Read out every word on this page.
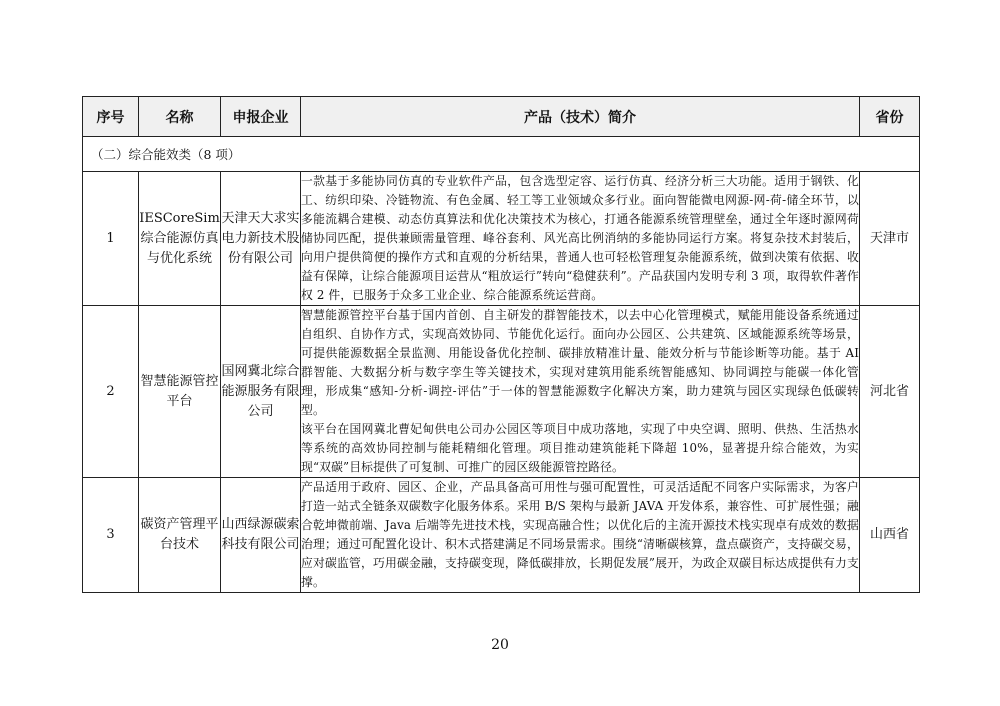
序号	名称	申报企业	产品（技术）简介	省份
（二）综合能效类（8 项）				
1	IESCoreSim 综合能源仿真与优化系统	天津天大求实电力新技术股份有限公司	一款基于多能协同仿真的专业软件产品，包含选型定容、运行仿真、经济分析三大功能。适用于钢铁、化工、纺织印染、冷链物流、有色金属、轻工等工业领域众多行业。面向智能微电网源-网-荷-储全环节，以多能流耦合建模、动态仿真算法和优化决策技术为核心，打通各能源系统管理壁垒，通过全年逐时源网荷储协同匹配，提供兼顾需量管理、峰谷套利、风光高比例消纳的多能协同运行方案。将复杂技术封装后，向用户提供简便的操作方式和直观的分析结果，普通人也可轻松管理复杂能源系统，做到决策有依据、收益有保障，让综合能源项目运营从“粗放运行”转向“稳健获利”。产品获国内发明专利 3 项，取得软件著作权 2 件，已服务于众多工业企业、综合能源系统运营商。	天津市
2	智慧能源管控平台	国网冀北综合能源服务有限公司	智慧能源管控平台基于国内首创、自主研发的群智能技术，以去中心化管理模式，赋能用能设备系统通过自组织、自协作方式，实现高效协同、节能优化运行。面向办公园区、公共建筑、区域能源系统等场景，可提供能源数据全景监测、用能设备优化控制、碳排放精准计量、能效分析与节能诊断等功能。基于 AI 群智能、大数据分析与数字孪生等关键技术，实现对建筑用能系统智能感知、协同调控与能碳一体化管理，形成集“感知-分析-调控-评估”于一体的智慧能源数字化解决方案，助力建筑与园区实现绿色低碳转型。

该平台在国网冀北曹妃甸供电公司办公园区等项目中成功落地，实现了中央空调、照明、供热、生活热水等系统的高效协同控制与能耗精细化管理。项目推动建筑能耗下降超 10%，显著提升综合能效，为实现“双碳”目标提供了可复制、可推广的园区级能源管控路径。	河北省
3	碳资产管理平台技术	山西绿源碳索科技有限公司	产品适用于政府、园区、企业，产品具备高可用性与强可配置性，可灵活适配不同客户实际需求，为客户打造一站式全链条双碳数字化服务体系。采用 B/S 架构与最新 JAVA 开发体系，兼容性、可扩展性强；融合乾坤微前端、Java 后端等先进技术栈，实现高融合性；以优化后的主流开源技术栈实现卓有成效的数据治理；通过可配置化设计、积木式搭建满足不同场景需求。围绕“清晰碳核算，盘点碳资产，支持碳交易，应对碳监管，巧用碳金融，支持碳变现，降低碳排放，长期促发展”展开，为政企双碳目标达成提供有力支撑。	山西省
20
